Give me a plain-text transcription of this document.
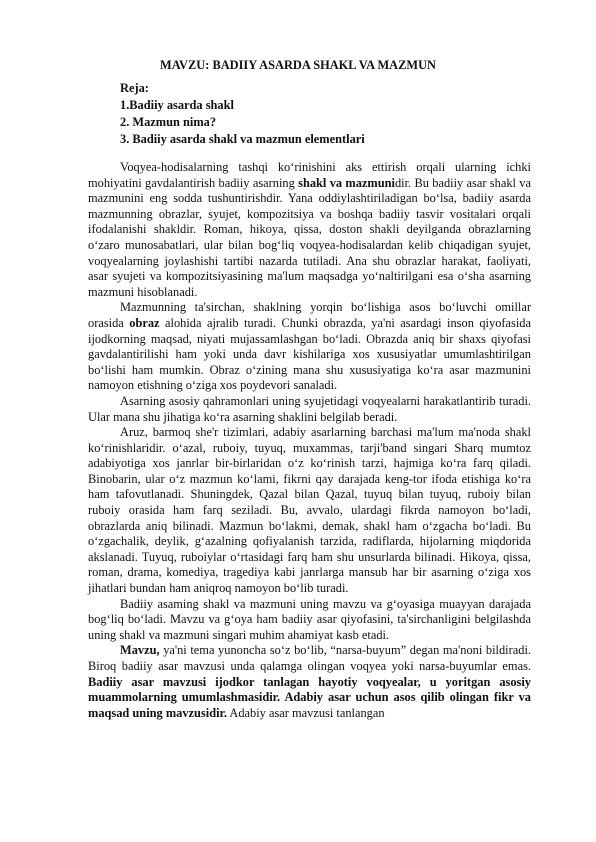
MAVZU: BADIIY ASARDA SHAKL VA MAZMUN
Reja:
1.Badiiy asarda shakl
2. Mazmun nima?
3. Badiiy asarda shakl va mazmun elementlari

Voqyea-hodisalarning tashqi ko‘rinishini aks ettirish orqali ularning ichki mohiyatini gavdalantirish badiiy asarning shakl va mazmunidir. Bu badiiy asar shakl va mazmunini eng sodda tushuntirishdir. Yana oddiylashtiriladigan bo‘lsa, badiiy asarda mazmunning obrazlar, syujet, kompozitsiya va boshqa badiiy tasvir vositalari orqali ifodalanishi shakldir. Roman, hikoya, qissa, doston shakli deyilganda obrazlarning o‘zaro munosabatlari, ular bilan bog‘liq voqyea-hodisalardan kelib chiqadigan syujet, voqyealarning joylashishi tartibi nazarda tutiladi. Ana shu obrazlar harakat, faoliyati, asar syujeti va kompozitsiyasining ma'lum maqsadga yo‘naltirilgani esa o‘sha asarning mazmuni hisoblanadi.

Mazmunning ta'sirchan, shaklning yorqin bo‘lishiga asos bo‘luvchi omillar orasida obraz alohida ajralib turadi. Chunki obrazda, ya'ni asardagi inson qiyofasida ijodkorning maqsad, niyati mujassamlashgan bo‘ladi. Obrazda aniq bir shaxs qiyofasi gavdalantirilishi ham yoki unda davr kishilariga xos xususiyatlar umumlashtirilgan bo‘lishi ham mumkin. Obraz o‘zining mana shu xususiyatiga ko‘ra asar mazmunini namoyon etishning o‘ziga xos poydevori sanaladi.

Asarning asosiy qahramonlari uning syujetidagi voqyealarni harakatlantirib turadi. Ular mana shu jihatiga ko‘ra asarning shaklini belgilab beradi.

Aruz, barmoq she'r tizimlari, adabiy asarlarning barchasi ma'lum ma'noda shakl ko‘rinishlaridir. o‘azal, ruboiy, tuyuq, muxammas, tarji'band singari Sharq mumtoz adabiyotiga xos janrlar bir-birlaridan o‘z ko‘rinish tarzi, hajmiga ko‘ra farq qiladi. Binobarin, ular o‘z mazmun ko‘lami, fikrni qay darajada keng-tor ifoda etishiga ko‘ra ham tafovutlanadi. Shuningdek, Qazal bilan Qazal, tuyuq bilan tuyuq, ruboiy bilan ruboiy orasida ham farq seziladi. Bu, avvalo, ulardagi fikrda namoyon bo‘ladi, obrazlarda aniq bilinadi. Mazmun bo‘lakmi, demak, shakl ham o‘zgacha bo‘ladi. Bu o‘zgachalik, deylik, g‘azalning qofiyalanish tarzida, radiflarda, hijolarning miqdorida akslanadi. Tuyuq, ruboiylar o‘rtasidagi farq ham shu unsurlarda bilinadi. Hikoya, qissa, roman, drama, komediya, tragediya kabi janrlarga mansub har bir asarning o‘ziga xos jihatlari bundan ham aniqroq namoyon bo‘lib turadi.

Badiiy asaming shakl va mazmuni uning mavzu va g‘oyasiga muayyan darajada bog‘liq bo‘ladi. Mavzu va g‘oya ham badiiy asar qiyofasini, ta'sirchanligini belgilashda uning shakl va mazmuni singari muhim ahamiyat kasb etadi.

Mavzu, ya'ni tema yunoncha so‘z bo‘lib, “narsa-buyum” degan ma'noni bildiradi. Biroq badiiy asar mavzusi unda qalamga olingan voqyea yoki narsa-buyumlar emas. Badiiy asar mavzusi ijodkor tanlagan hayotiy voqyealar, u yoritgan asosiy muammolarning umumlashmasidir. Adabiy asar uchun asos qilib olingan fikr va maqsad uning mavzusidir. Adabiy asar mavzusi tanlangan
